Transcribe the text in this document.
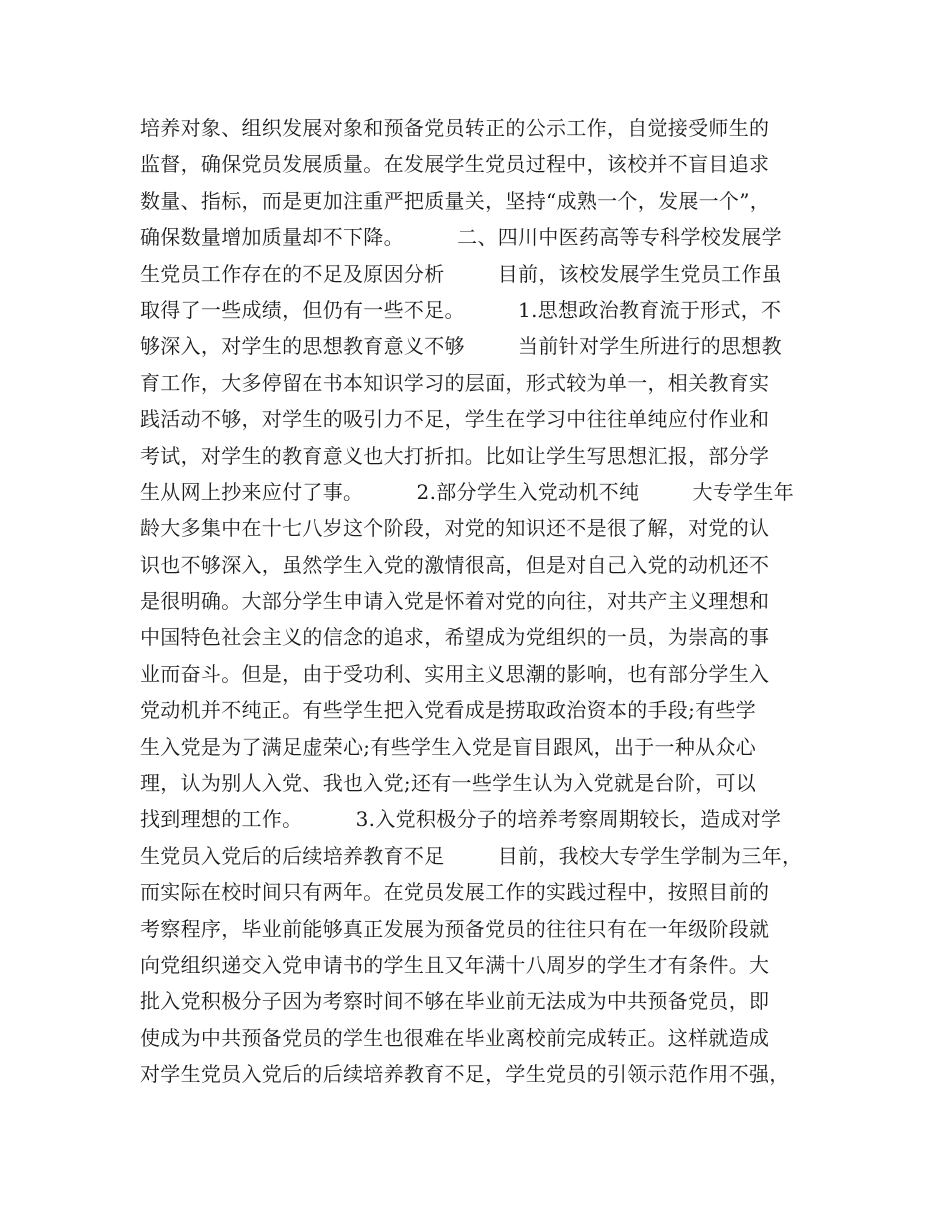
培养对象、组织发展对象和预备党员转正的公示工作，自觉接受师生的
监督，确保党员发展质量。在发展学生党员过程中，该校并不盲目追求
数量、指标，而是更加注重严把质量关，坚持“成熟一个，发展一个”，
确保数量增加质量却不下降。        二、四川中医药高等专科学校发展学
生党员工作存在的不足及原因分析        目前，该校发展学生党员工作虽
取得了一些成绩，但仍有一些不足。        1.思想政治教育流于形式，不
够深入，对学生的思想教育意义不够        当前针对学生所进行的思想教
育工作，大多停留在书本知识学习的层面，形式较为单一，相关教育实
践活动不够，对学生的吸引力不足，学生在学习中往往单纯应付作业和
考试，对学生的教育意义也大打折扣。比如让学生写思想汇报，部分学
生从网上抄来应付了事。        2.部分学生入党动机不纯        大专学生年
龄大多集中在十七八岁这个阶段，对党的知识还不是很了解，对党的认
识也不够深入，虽然学生入党的激情很高，但是对自己入党的动机还不
是很明确。大部分学生申请入党是怀着对党的向往，对共产主义理想和
中国特色社会主义的信念的追求，希望成为党组织的一员，为崇高的事
业而奋斗。但是，由于受功利、实用主义思潮的影响，也有部分学生入
党动机并不纯正。有些学生把入党看成是捞取政治资本的手段;有些学
生入党是为了满足虚荣心;有些学生入党是盲目跟风，出于一种从众心
理，认为别人入党、我也入党;还有一些学生认为入党就是台阶，可以
找到理想的工作。        3.入党积极分子的培养考察周期较长，造成对学
生党员入党后的后续培养教育不足        目前，我校大专学生学制为三年，
而实际在校时间只有两年。在党员发展工作的实践过程中，按照目前的
考察程序，毕业前能够真正发展为预备党员的往往只有在一年级阶段就
向党组织递交入党申请书的学生且又年满十八周岁的学生才有条件。大
批入党积极分子因为考察时间不够在毕业前无法成为中共预备党员，即
使成为中共预备党员的学生也很难在毕业离校前完成转正。这样就造成
对学生党员入党后的后续培养教育不足，学生党员的引领示范作用不强，
